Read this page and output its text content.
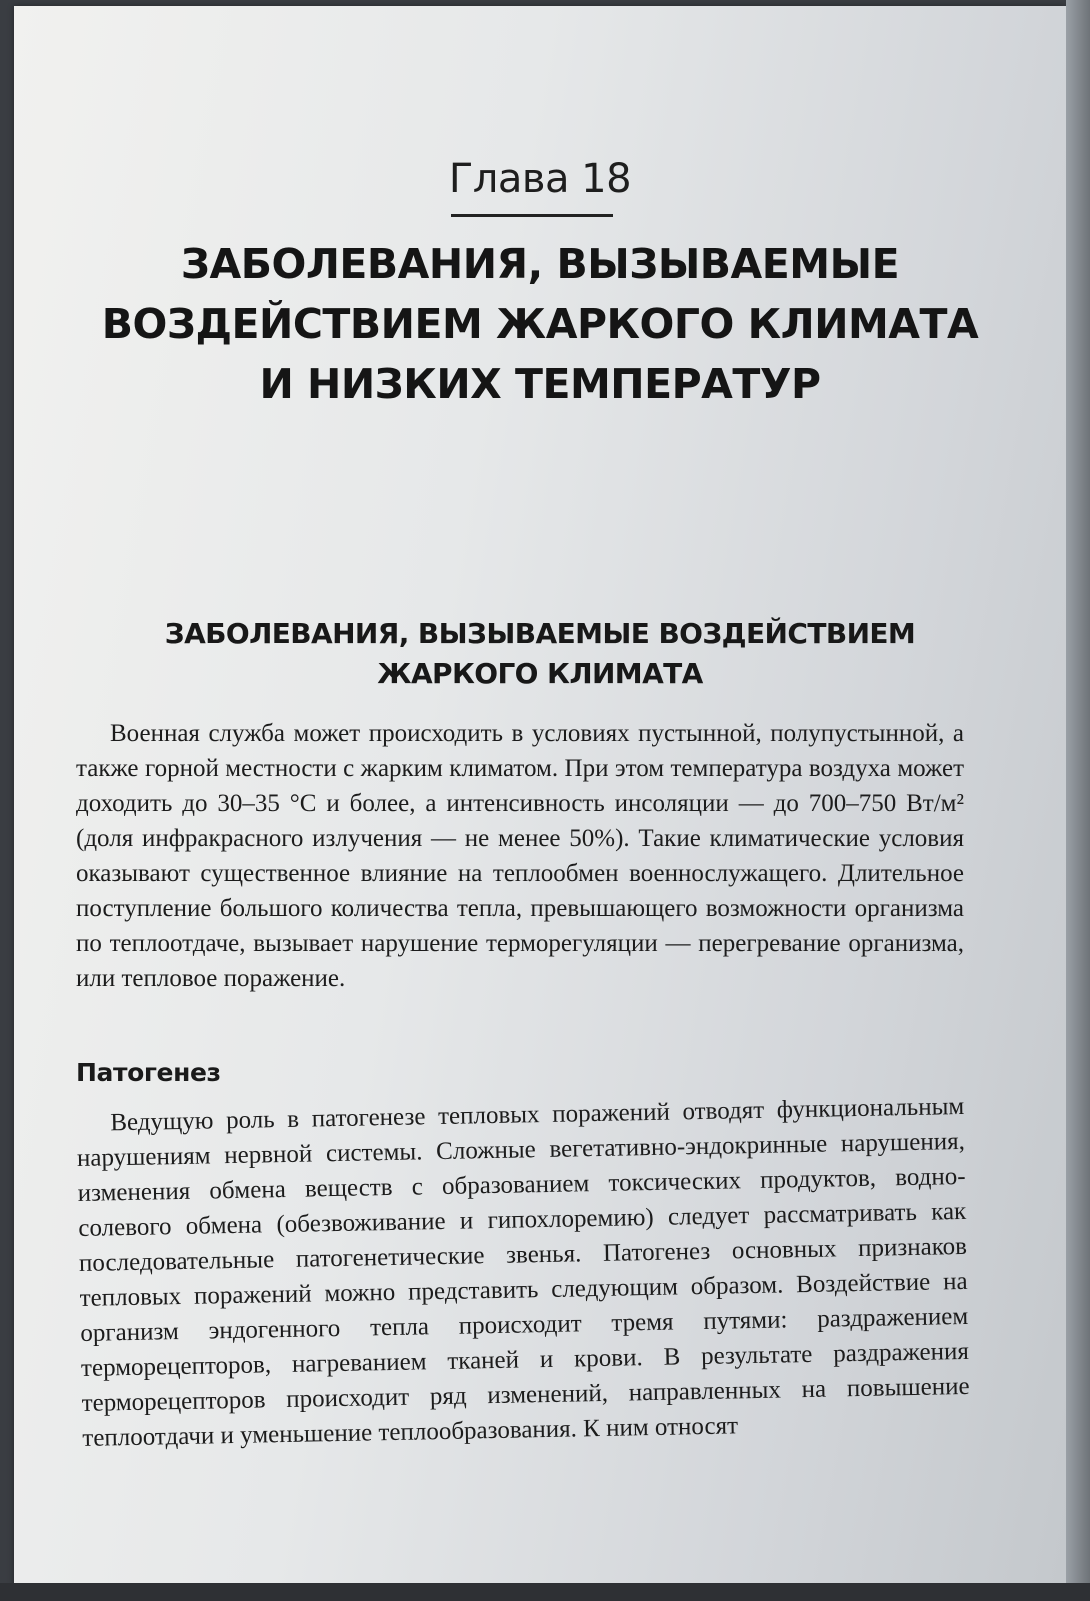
Глава 18
ЗАБОЛЕВАНИЯ, ВЫЗЫВАЕМЫЕ ВОЗДЕЙСТВИЕМ ЖАРКОГО КЛИМАТА И НИЗКИХ ТЕМПЕРАТУР
ЗАБОЛЕВАНИЯ, ВЫЗЫВАЕМЫЕ ВОЗДЕЙСТВИЕМ ЖАРКОГО КЛИМАТА

Военная служба может происходить в условиях пустынной, полупустынной, а также горной местности с жарким климатом. При этом температура воздуха может доходить до 30–35 °С и более, а интенсивность инсоляции — до 700–750 Вт/м² (доля инфракрасного излучения — не менее 50%). Такие климатические условия оказывают существенное влияние на теплообмен военнослужащего. Длительное поступление большого количества тепла, превышающего возможности организма по теплоотдаче, вызывает нарушение терморегуляции — перегревание организма, или тепловое поражение.

Патогенез

Ведущую роль в патогенезе тепловых поражений отводят функциональным нарушениям нервной системы. Сложные вегетативно-эндокринные нарушения, изменения обмена веществ с образованием токсических продуктов, водно-солевого обмена (обезвоживание и гипохлоремию) следует рассматривать как последовательные патогенетические звенья. Патогенез основных признаков тепловых поражений можно представить следующим образом. Воздействие на организм эндогенного тепла происходит тремя путями: раздражением терморецепторов, нагреванием тканей и крови. В результате раздражения терморецепторов происходит ряд изменений, направленных на повышение теплоотдачи и уменьшение теплообразования. К ним относят
